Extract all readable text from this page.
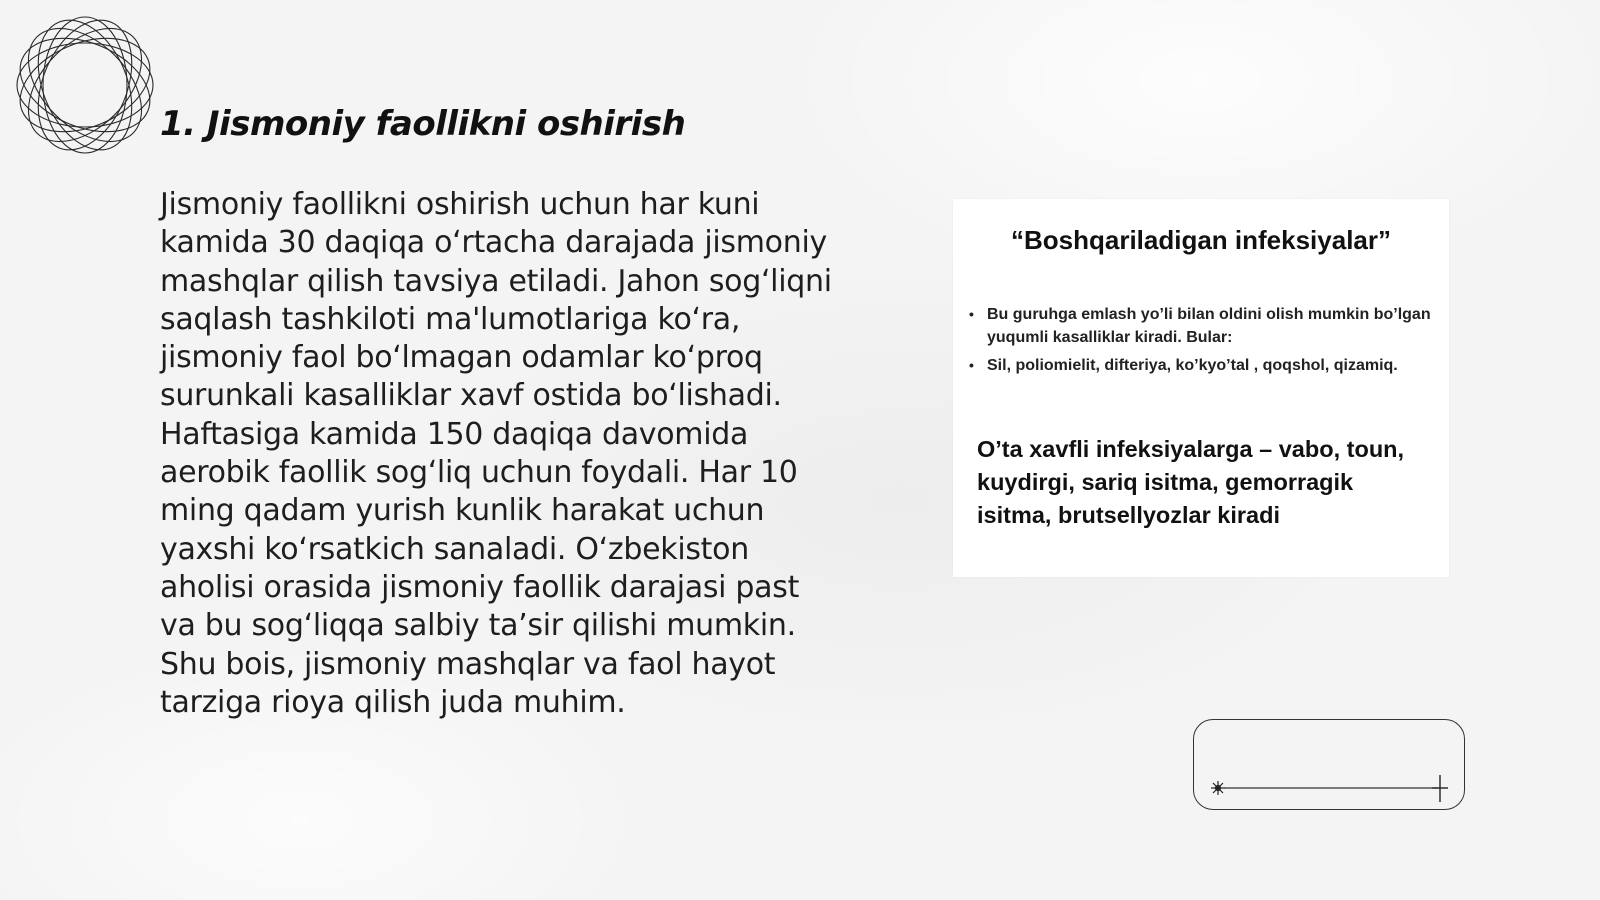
1. Jismoniy faollikni oshirish

Jismoniy faollikni oshirish uchun har kuni kamida 30 daqiqa o‘rtacha darajada jismoniy mashqlar qilish tavsiya etiladi. Jahon sog‘liqni saqlash tashkiloti ma'lumotlariga ko‘ra, jismoniy faol bo‘lmagan odamlar ko‘proq surunkali kasalliklar xavf ostida bo‘lishadi. Haftasiga kamida 150 daqiqa davomida aerobik faollik sog‘liq uchun foydali. Har 10 ming qadam yurish kunlik harakat uchun yaxshi ko‘rsatkich sanaladi. O‘zbekiston aholisi orasida jismoniy faollik darajasi past va bu sog‘liqqa salbiy ta’sir qilishi mumkin. Shu bois, jismoniy mashqlar va faol hayot tarziga rioya qilish juda muhim.

“Boshqariladigan infeksiyalar”
• Bu guruhga emlash yo’li bilan oldini olish mumkin bo’lgan yuqumli kasalliklar kiradi. Bular:
• Sil, poliomielit, difteriya, ko’kyo’tal , qoqshol, qizamiq.

O’ta xavfli infeksiyalarga – vabo, toun, kuydirgi, sariq isitma, gemorragik isitma, brutsellyozlar kiradi
